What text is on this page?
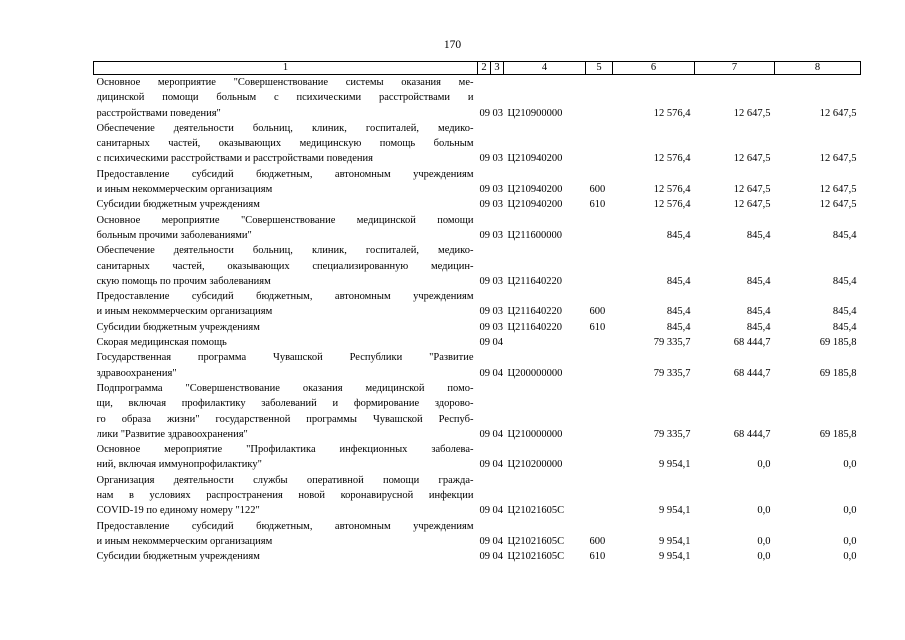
170
1	2	3	4	5	6	7	8

Основное мероприятие "Совершенствование системы оказания ме-
дицинской помощи больным с психическими расстройствами и
расстройствами поведения"	09	03	Ц210900000		12 576,4	12 647,5	12 647,5

Обеспечение деятельности больниц, клиник, госпиталей, медико-
санитарных частей, оказывающих медицинскую помощь больным
с психическими расстройствами и расстройствами поведения	09	03	Ц210940200		12 576,4	12 647,5	12 647,5

Предоставление субсидий бюджетным, автономным учреждениям
и иным некоммерческим организациям	09	03	Ц210940200	600	12 576,4	12 647,5	12 647,5

Субсидии бюджетным учреждениям	09	03	Ц210940200	610	12 576,4	12 647,5	12 647,5

Основное мероприятие "Совершенствование медицинской помощи
больным прочими заболеваниями"	09	03	Ц211600000		845,4	845,4	845,4

Обеспечение деятельности больниц, клиник, госпиталей, медико-
санитарных частей, оказывающих специализированную медицин-
скую помощь по прочим заболеваниям	09	03	Ц211640220		845,4	845,4	845,4

Предоставление субсидий бюджетным, автономным учреждениям
и иным некоммерческим организациям	09	03	Ц211640220	600	845,4	845,4	845,4

Субсидии бюджетным учреждениям	09	03	Ц211640220	610	845,4	845,4	845,4

Скорая медицинская помощь	09	04			79 335,7	68 444,7	69 185,8

Государственная программа Чувашской Республики "Развитие
здравоохранения"	09	04	Ц200000000		79 335,7	68 444,7	69 185,8

Подпрограмма "Совершенствование оказания медицинской помо-
щи, включая профилактику заболеваний и формирование здорово-
го образа жизни" государственной программы Чувашской Респуб-
лики "Развитие здравоохранения"	09	04	Ц210000000		79 335,7	68 444,7	69 185,8

Основное мероприятие "Профилактика инфекционных заболева-
ний, включая иммунопрофилактику"	09	04	Ц210200000		9 954,1	0,0	0,0

Организация деятельности службы оперативной помощи гражда-
нам в условиях распространения новой коронавирусной инфекции
COVID-19 по единому номеру "122"	09	04	Ц21021605С		9 954,1	0,0	0,0

Предоставление субсидий бюджетным, автономным учреждениям
и иным некоммерческим организациям	09	04	Ц21021605С	600	9 954,1	0,0	0,0

Субсидии бюджетным учреждениям	09	04	Ц21021605С	610	9 954,1	0,0	0,0
